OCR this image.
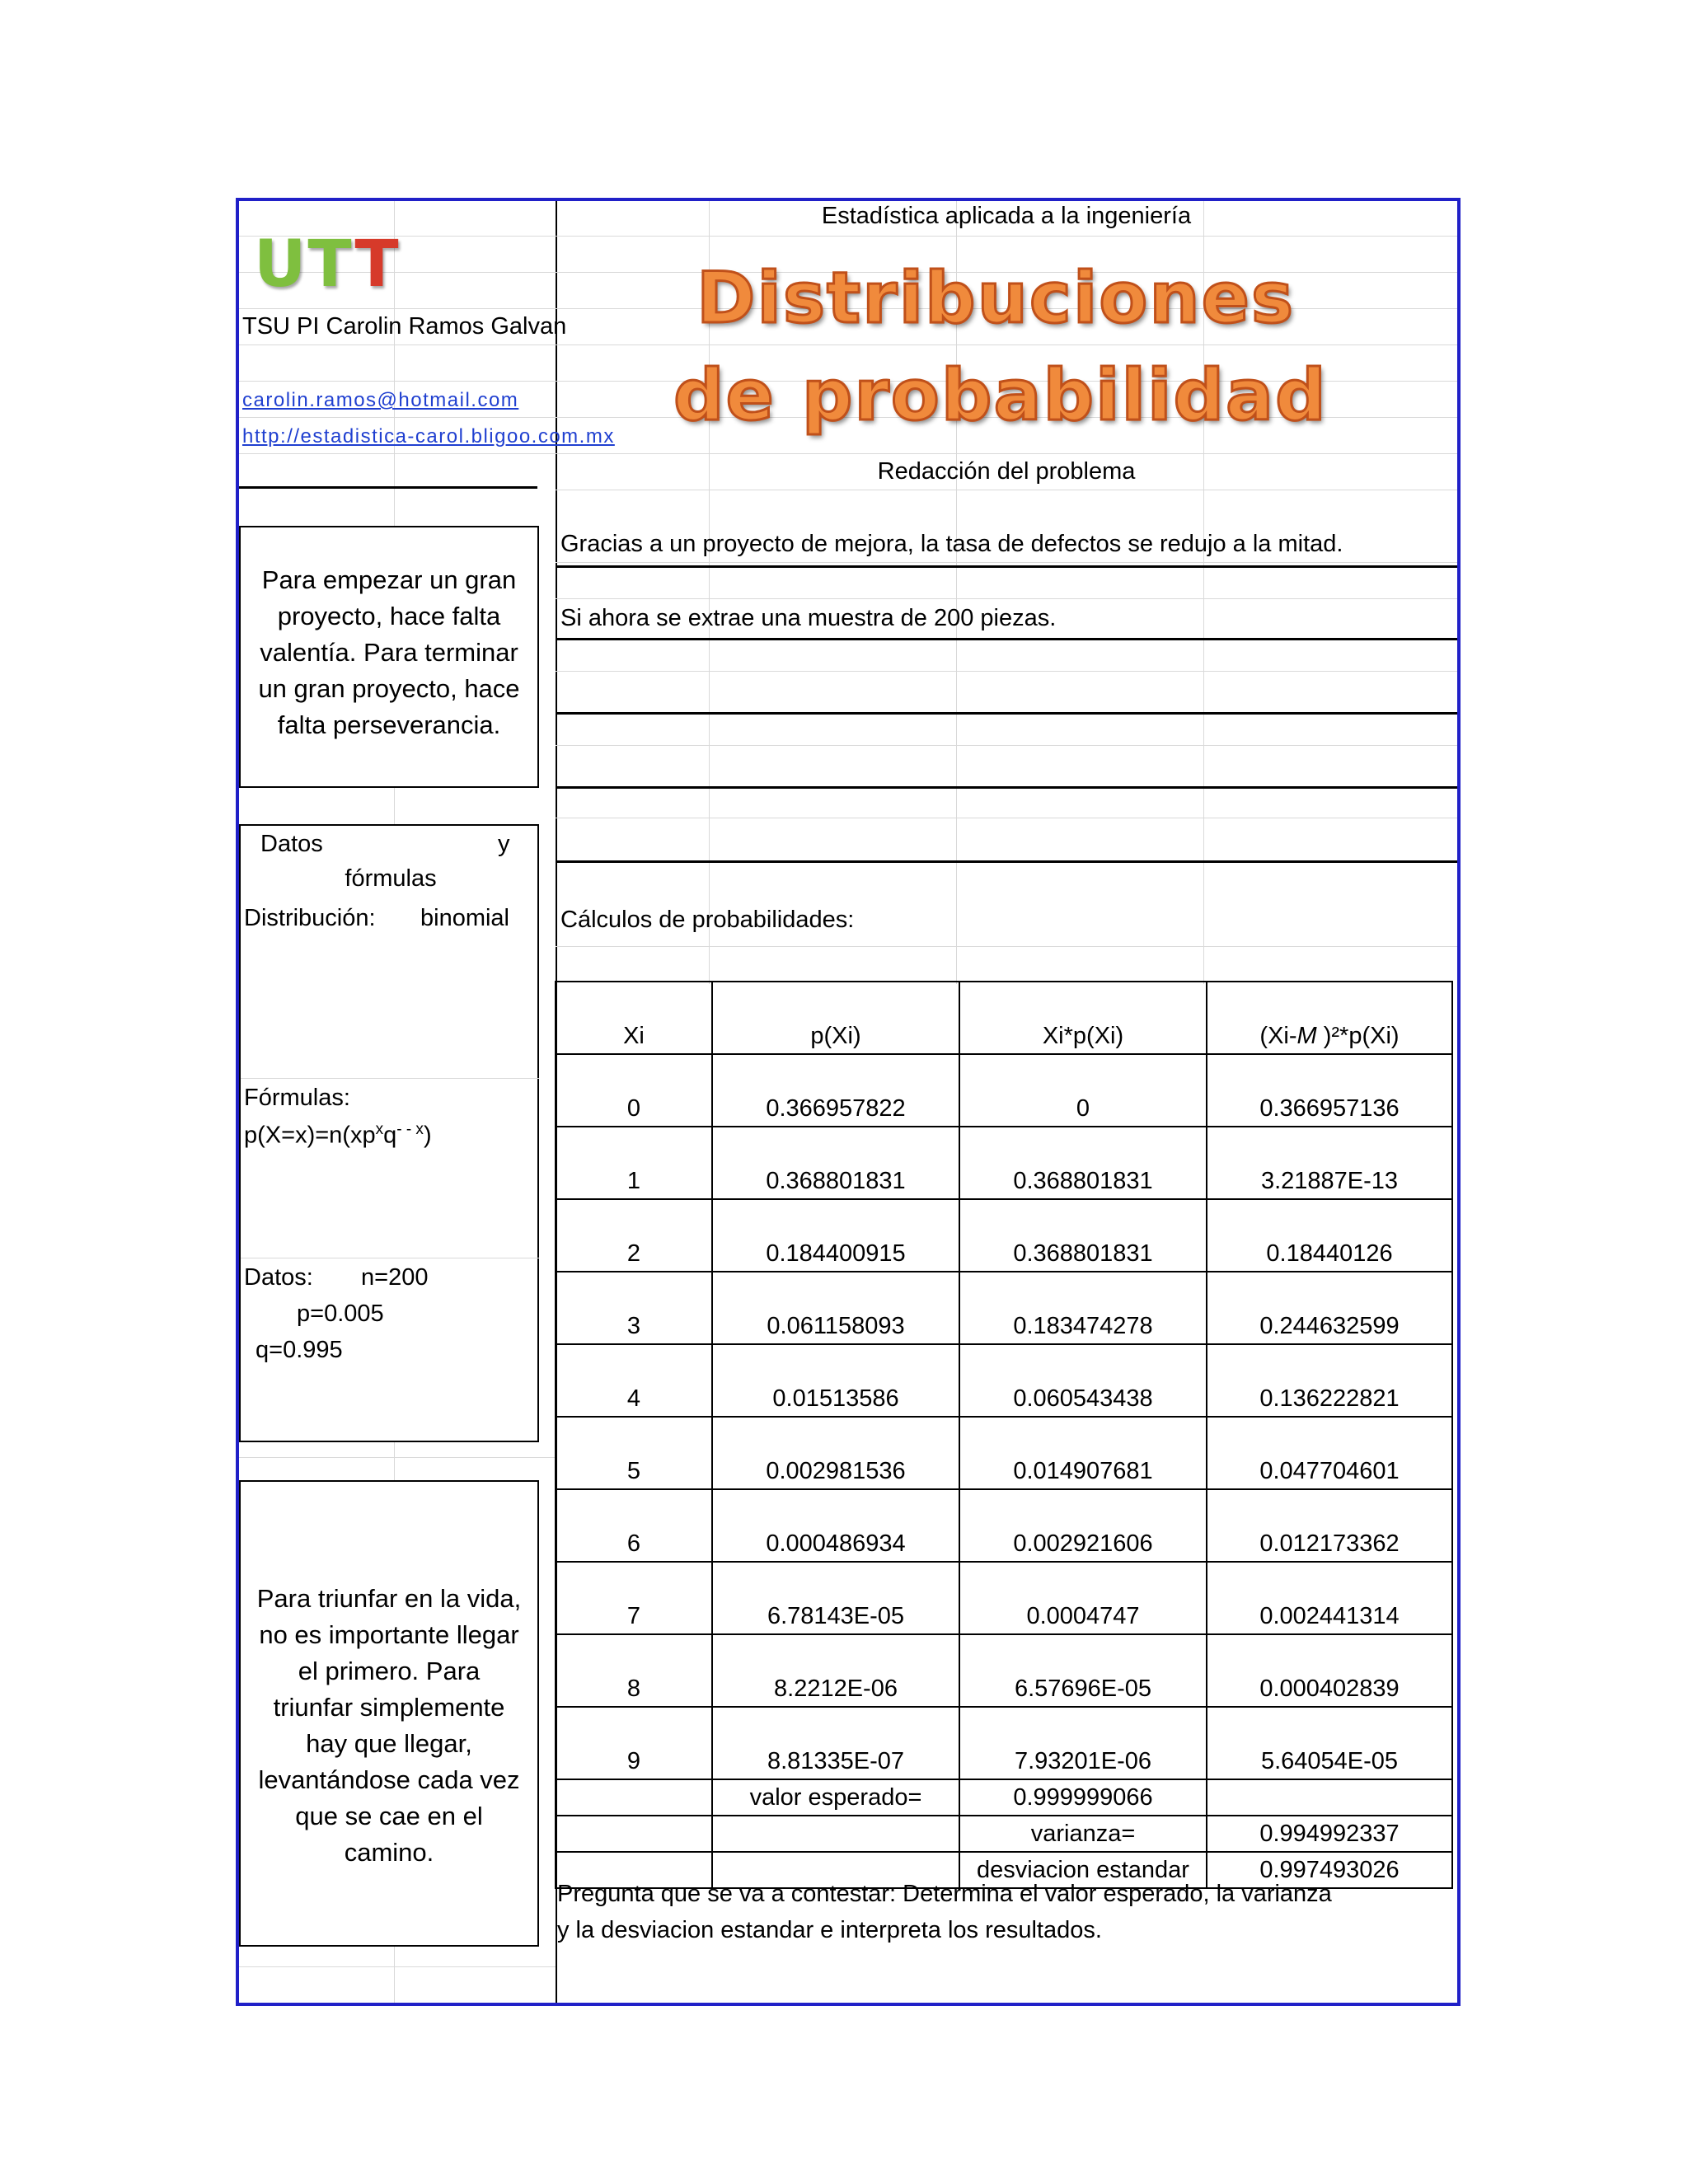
UTT
TSU PI Carolin Ramos Galvan
carolin.ramos@hotmail.com
http://estadistica-carol.bligoo.com.mx
Estadística aplicada a la ingeniería
Distribuciones
de probabilidad
Redacción del problema
Para empezar un gran
proyecto, hace falta
valentía. Para terminar
un gran proyecto, hace
falta perseverancia.
Gracias a un proyecto de mejora, la tasa de defectos se redujo a la mitad.
Si ahora se extrae una muestra de 200 piezas.
Datos	y
fórmulas
Distribución: binomial
Fórmulas:
$p(X=x)=n(xp^xq^{- - x})$
Datos: n=200
p=0.005
q=0.995
Para triunfar en la vida,
no es importante llegar
el primero. Para
triunfar simplemente
hay que llegar,
levantándose cada vez
que se cae en el
camino.
Cálculos de probabilidades:
Xi	p(Xi)	Xi*p(Xi)	(Xi-M )²*p(Xi)
0	0.366957822	0	0.366957136
1	0.368801831	0.368801831	3.21887E-13
2	0.184400915	0.368801831	0.18440126
3	0.061158093	0.183474278	0.244632599
4	0.01513586	0.060543438	0.136222821
5	0.002981536	0.014907681	0.047704601
6	0.000486934	0.002921606	0.012173362
7	6.78143E-05	0.0004747	0.002441314
8	8.2212E-06	6.57696E-05	0.000402839
9	8.81335E-07	7.93201E-06	5.64054E-05
	valor esperado=	0.999999066	
		varianza=	0.994992337
		desviacion estandar	0.997493026
Pregunta que se va a contestar: Determina el valor esperado, la varianza
y la desviacion estandar e interpreta los resultados.
